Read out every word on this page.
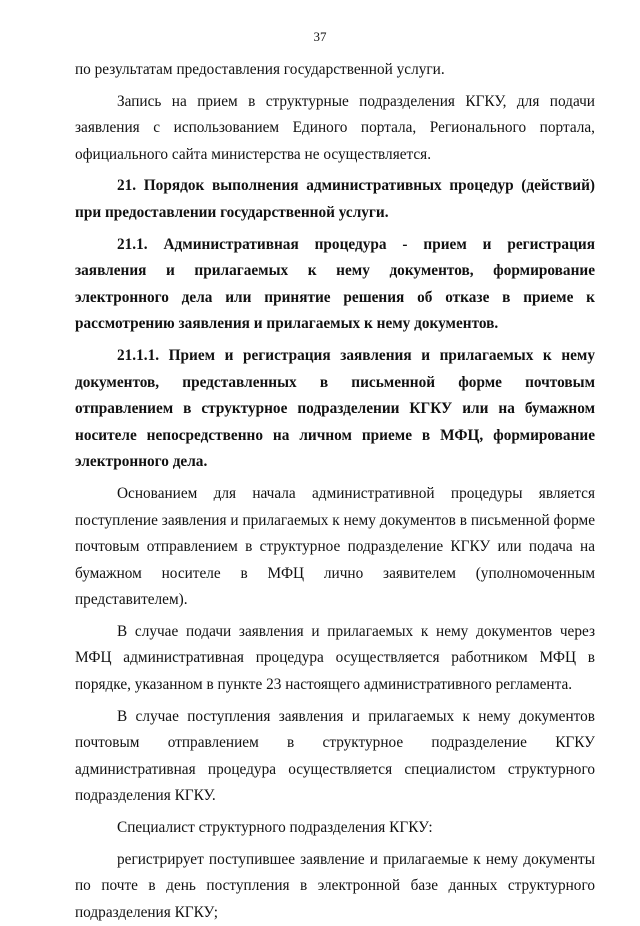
37

по результатам предоставления государственной услуги.

Запись на прием в структурные подразделения КГКУ, для подачи заявления с использованием Единого портала, Регионального портала, официального сайта министерства не осуществляется.

21. Порядок выполнения административных процедур (действий) при предоставлении государственной услуги.

21.1. Административная процедура - прием и регистрация заявления и прилагаемых к нему документов, формирование электронного дела или принятие решения об отказе в приеме к рассмотрению заявления и прилагаемых к нему документов.

21.1.1. Прием и регистрация заявления и прилагаемых к нему документов, представленных в письменной форме почтовым отправлением в структурное подразделении КГКУ или на бумажном носителе непосредственно на личном приеме в МФЦ, формирование электронного дела.

Основанием для начала административной процедуры является поступление заявления и прилагаемых к нему документов в письменной форме почтовым отправлением в структурное подразделение КГКУ или подача на бумажном носителе в МФЦ лично заявителем (уполномоченным представителем).

В случае подачи заявления и прилагаемых к нему документов через МФЦ административная процедура осуществляется работником МФЦ в порядке, указанном в пункте 23 настоящего административного регламента.

В случае поступления заявления и прилагаемых к нему документов почтовым отправлением в структурное подразделение КГКУ административная процедура осуществляется специалистом структурного подразделения КГКУ.

Специалист структурного подразделения КГКУ:

регистрирует поступившее заявление и прилагаемые к нему документы по почте в день поступления в электронной базе данных структурного подразделения КГКУ;
